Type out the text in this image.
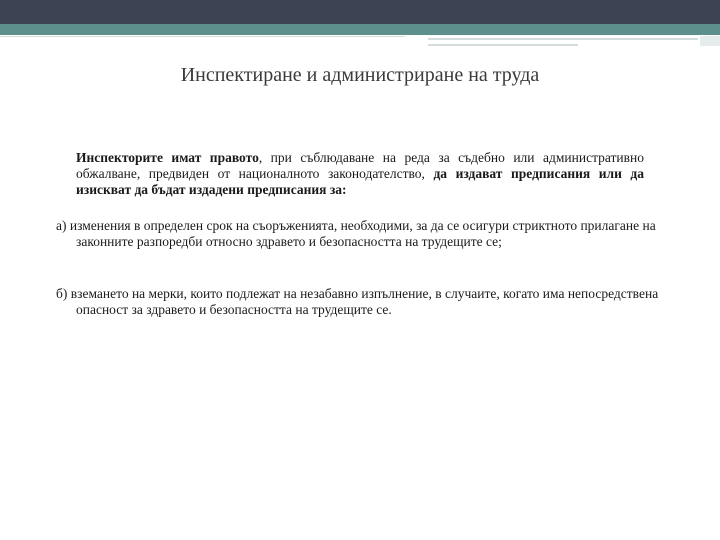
Инспектиране и администриране на труда

Инспекторите имат правото, при съблюдаване на реда за съдебно или административно обжалване, предвиден от националното законодателство, да издават предписания или да изискват да бъдат издадени предписания за:

а) изменения в определен срок на съоръженията, необходими, за да се осигури стриктното прилагане на законните разпоредби относно здравето и безопасността на трудещите се;

б) вземането на мерки, които подлежат на незабавно изпълнение, в случаите, когато има непосредствена опасност за здравето и безопасността на трудещите се.
